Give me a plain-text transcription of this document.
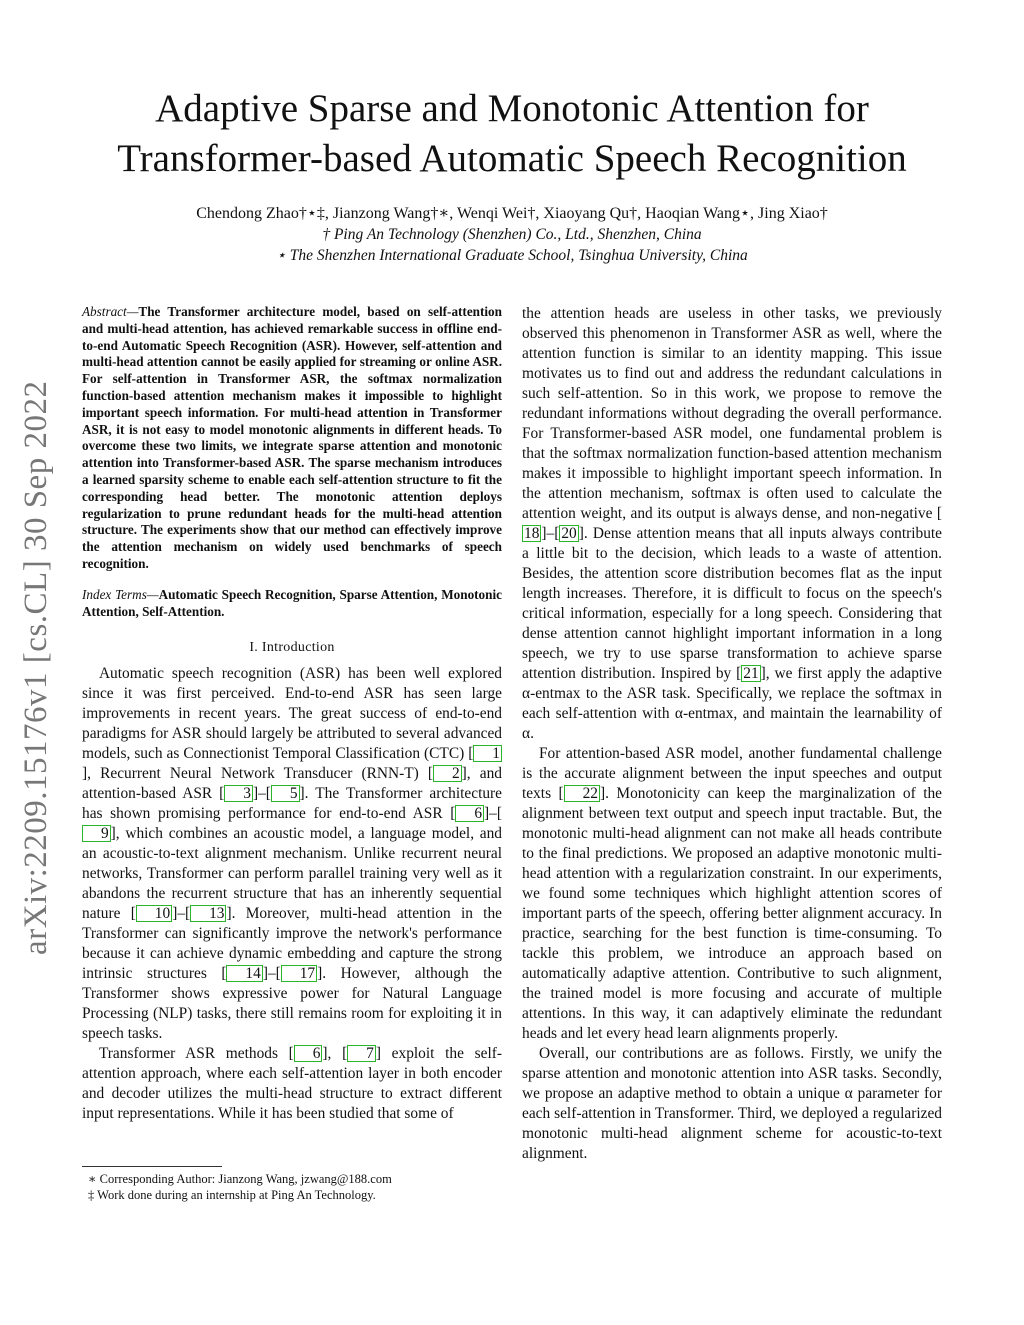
arXiv:2209.15176v1 [cs.CL] 30 Sep 2022
Adaptive Sparse and Monotonic Attention for
Transformer-based Automatic Speech Recognition
Chendong Zhao†⋆‡, Jianzong Wang†∗, Wenqi Wei†, Xiaoyang Qu†, Haoqian Wang⋆, Jing Xiao†
† Ping An Technology (Shenzhen) Co., Ltd., Shenzhen, China
⋆ The Shenzhen International Graduate School, Tsinghua University, China

Abstract—The Transformer architecture model, based on self-attention and multi-head attention, has achieved remarkable success in offline end-to-end Automatic Speech Recognition (ASR). However, self-attention and multi-head attention cannot be easily applied for streaming or online ASR. For self-attention in Transformer ASR, the softmax normalization function-based attention mechanism makes it impossible to highlight important speech information. For multi-head attention in Transformer ASR, it is not easy to model monotonic alignments in different heads. To overcome these two limits, we integrate sparse attention and monotonic attention into Transformer-based ASR. The sparse mechanism introduces a learned sparsity scheme to enable each self-attention structure to fit the corresponding head better. The monotonic attention deploys regularization to prune redundant heads for the multi-head attention structure. The experiments show that our method can effectively improve the attention mechanism on widely used benchmarks of speech recognition.

Index Terms—Automatic Speech Recognition, Sparse Attention, Monotonic Attention, Self-Attention.

I. Introduction

Automatic speech recognition (ASR) has been well explored since it was first perceived. End-to-end ASR has seen large improvements in recent years. The great success of end-to-end paradigms for ASR should largely be attributed to several advanced models, such as Connectionist Temporal Classification (CTC) [ 1], Recurrent Neural Network Transducer (RNN-T) [ 2 ], and attention-based ASR [ 3 ]–[ 5 ]. The Transformer architecture has shown promising performance for end-to-end ASR [ 6 ]–[9 ], which combines an acoustic model, a language model, and an acoustic-to-text alignment mechanism. Unlike recurrent neural networks, Transformer can perform parallel training very well as it abandons the recurrent structure that has an inherently sequential nature [ 10 ]–[ 13 ]. Moreover, multi-head attention in the Transformer can significantly improve the network's performance because it can achieve dynamic embedding and capture the strong intrinsic structures [ 14 ]–[ 17 ]. However, although the Transformer shows expressive power for Natural Language Processing (NLP) tasks, there still remains room for exploiting it in speech tasks.

Transformer ASR methods [ 6 ], [ 7 ] exploit the self-attention approach, where each self-attention layer in both encoder and decoder utilizes the multi-head structure to extract different input representations. While it has been studied that some of

∗ Corresponding Author: Jianzong Wang, jzwang@188.com
‡ Work done during an internship at Ping An Technology.

the attention heads are useless in other tasks, we previously observed this phenomenon in Transformer ASR as well, where the attention function is similar to an identity mapping. This issue motivates us to find out and address the redundant calculations in such self-attention. So in this work, we propose to remove the redundant informations without degrading the overall performance. For Transformer-based ASR model, one fundamental problem is that the softmax normalization function-based attention mechanism makes it impossible to highlight important speech information. In the attention mechanism, softmax is often used to calculate the attention weight, and its output is always dense, and non-negative [18 ]–[ 20 ]. Dense attention means that all inputs always contribute a little bit to the decision, which leads to a waste of attention. Besides, the attention score distribution becomes flat as the input length increases. Therefore, it is difficult to focus on the speech's critical information, especially for a long speech. Considering that dense attention cannot highlight important information in a long speech, we try to use sparse transformation to achieve sparse attention distribution. Inspired by [ 21 ], we first apply the adaptive α-entmax to the ASR task. Specifically, we replace the softmax in each self-attention with α-entmax, and maintain the learnability of α.

For attention-based ASR model, another fundamental challenge is the accurate alignment between the input speeches and output texts [ 22 ]. Monotonicity can keep the marginalization of the alignment between text output and speech input tractable. But, the monotonic multi-head alignment can not make all heads contribute to the final predictions. We proposed an adaptive monotonic multi-head attention with a regularization constraint. In our experiments, we found some techniques which highlight attention scores of important parts of the speech, offering better alignment accuracy. In practice, searching for the best function is time-consuming. To tackle this problem, we introduce an approach based on automatically adaptive attention. Contributive to such alignment, the trained model is more focusing and accurate of multiple attentions. In this way, it can adaptively eliminate the redundant heads and let every head learn alignments properly.

Overall, our contributions are as follows. Firstly, we unify the sparse attention and monotonic attention into ASR tasks. Secondly, we propose an adaptive method to obtain a unique α parameter for each self-attention in Transformer. Third, we deployed a regularized monotonic multi-head alignment scheme for acoustic-to-text alignment.
